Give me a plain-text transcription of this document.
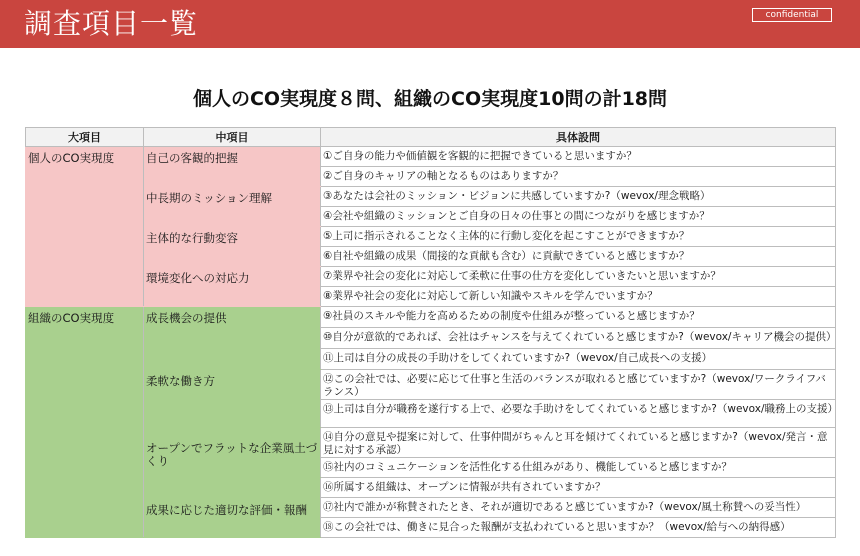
調査項目一覧	confidential
個人のCO実現度８問、組織のCO実現度10問の計18問
大項目	中項目	具体設問
個人のCO実現度	自己の客観的把握	①ご自身の能力や価値観を客観的に把握できていると思いますか？
		②ご自身のキャリアの軸となるものはありますか？
	中長期のミッション理解	③あなたは会社のミッション・ビジョンに共感していますか?（wevox/理念戦略）
		④会社や組織のミッションとご自身の日々の仕事との間につながりを感じますか？
	主体的な行動変容	⑤上司に指示されることなく主体的に行動し変化を起こすことができますか？
		⑥自社や組織の成果（間接的な貢献も含む）に貢献できていると感じますか？
	環境変化への対応力	⑦業界や社会の変化に対応して柔軟に仕事の仕方を変化していきたいと思いますか？
		⑧業界や社会の変化に対応して新しい知識やスキルを学んでいますか？
組織のCO実現度	成長機会の提供	⑨社員のスキルや能力を高めるための制度や仕組みが整っていると感じますか？
		⑩自分が意欲的であれば、会社はチャンスを与えてくれていると感じますか?（wevox/キャリア機会の提供）
		⑪上司は自分の成長の手助けをしてくれていますか?（wevox/自己成長への支援）
	柔軟な働き方	⑫この会社では、必要に応じて仕事と生活のバランスが取れると感じていますか?（wevox/ワークライフバランス）
		⑬上司は自分が職務を遂行する上で、必要な手助けをしてくれていると感じますか?（wevox/職務上の支援）
	オープンでフラットな企業風土づくり	⑭自分の意見や提案に対して、仕事仲間がちゃんと耳を傾けてくれていると感じますか?（wevox/発言・意見に対する承認）
		⑮社内のコミュニケーションを活性化する仕組みがあり、機能していると感じますか？
	成果に応じた適切な評価・報酬	⑯所属する組織は、オープンに情報が共有されていますか？
		⑰社内で誰かが称賛されたとき、それが適切であると感じていますか?（wevox/風土称賛への妥当性）
		⑱この会社では、働きに見合った報酬が支払われていると思いますか？（wevox/給与への納得感）
